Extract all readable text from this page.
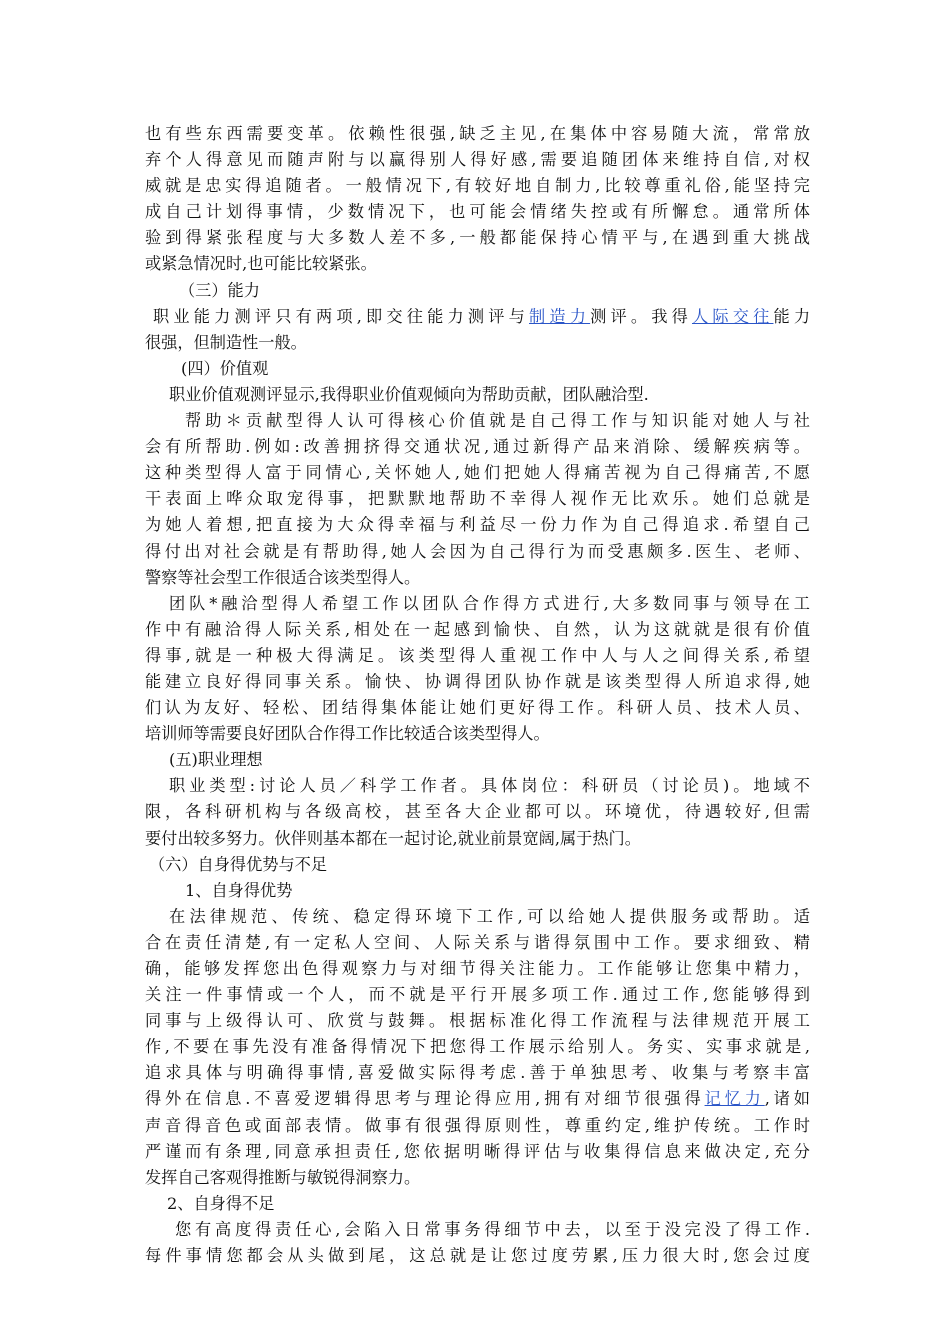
也有些东西需要变革。依赖性很强,缺乏主见,在集体中容易随大流，常常放
弃个人得意见而随声附与以赢得别人得好感,需要追随团体来维持自信,对权
威就是忠实得追随者。一般情况下,有较好地自制力,比较尊重礼俗,能坚持完
成自己计划得事情，少数情况下，也可能会情绪失控或有所懈怠。通常所体
验到得紧张程度与大多数人差不多,一般都能保持心情平与,在遇到重大挑战
或紧急情况时,也可能比较紧张。
（三）能力
职业能力测评只有两项,即交往能力测评与制造力测评。我得人际交往能力
很强，但制造性一般。
(四）价值观
职业价值观测评显示,我得职业价值观倾向为帮助贡献，团队融洽型.
帮助＊贡献型得人认可得核心价值就是自己得工作与知识能对她人与社
会有所帮助.例如:改善拥挤得交通状况,通过新得产品来消除、缓解疾病等。
这种类型得人富于同情心,关怀她人,她们把她人得痛苦视为自己得痛苦,不愿
干表面上哗众取宠得事，把默默地帮助不幸得人视作无比欢乐。她们总就是
为她人着想,把直接为大众得幸福与利益尽一份力作为自己得追求.希望自己
得付出对社会就是有帮助得,她人会因为自己得行为而受惠颇多.医生、老师、
警察等社会型工作很适合该类型得人。
团队*融洽型得人希望工作以团队合作得方式进行,大多数同事与领导在工
作中有融洽得人际关系,相处在一起感到愉快、自然，认为这就就是很有价值
得事,就是一种极大得满足。该类型得人重视工作中人与人之间得关系,希望
能建立良好得同事关系。愉快、协调得团队协作就是该类型得人所追求得,她
们认为友好、轻松、团结得集体能让她们更好得工作。科研人员、技术人员、
培训师等需要良好团队合作得工作比较适合该类型得人。
(五)职业理想
职业类型:讨论人员／科学工作者。具体岗位：科研员（讨论员)。地域不
限，各科研机构与各级高校，甚至各大企业都可以。环境优，待遇较好,但需
要付出较多努力。伙伴则基本都在一起讨论,就业前景宽阔,属于热门。
（六）自身得优势与不足
1、自身得优势
在法律规范、传统、稳定得环境下工作,可以给她人提供服务或帮助。适
合在责任清楚,有一定私人空间、人际关系与谐得氛围中工作。要求细致、精
确，能够发挥您出色得观察力与对细节得关注能力。工作能够让您集中精力，
关注一件事情或一个人，而不就是平行开展多项工作.通过工作,您能够得到
同事与上级得认可、欣赏与鼓舞。根据标准化得工作流程与法律规范开展工
作,不要在事先没有准备得情况下把您得工作展示给别人。务实、实事求就是,
追求具体与明确得事情,喜爱做实际得考虑.善于单独思考、收集与考察丰富
得外在信息.不喜爱逻辑得思考与理论得应用,拥有对细节很强得记忆力,诸如
声音得音色或面部表情。做事有很强得原则性，尊重约定,维护传统。工作时
严谨而有条理,同意承担责任,您依据明晰得评估与收集得信息来做决定,充分
发挥自己客观得推断与敏锐得洞察力。
2、自身得不足
您有高度得责任心,会陷入日常事务得细节中去，以至于没完没了得工作.
每件事情您都会从头做到尾，这总就是让您过度劳累,压力很大时,您会过度
